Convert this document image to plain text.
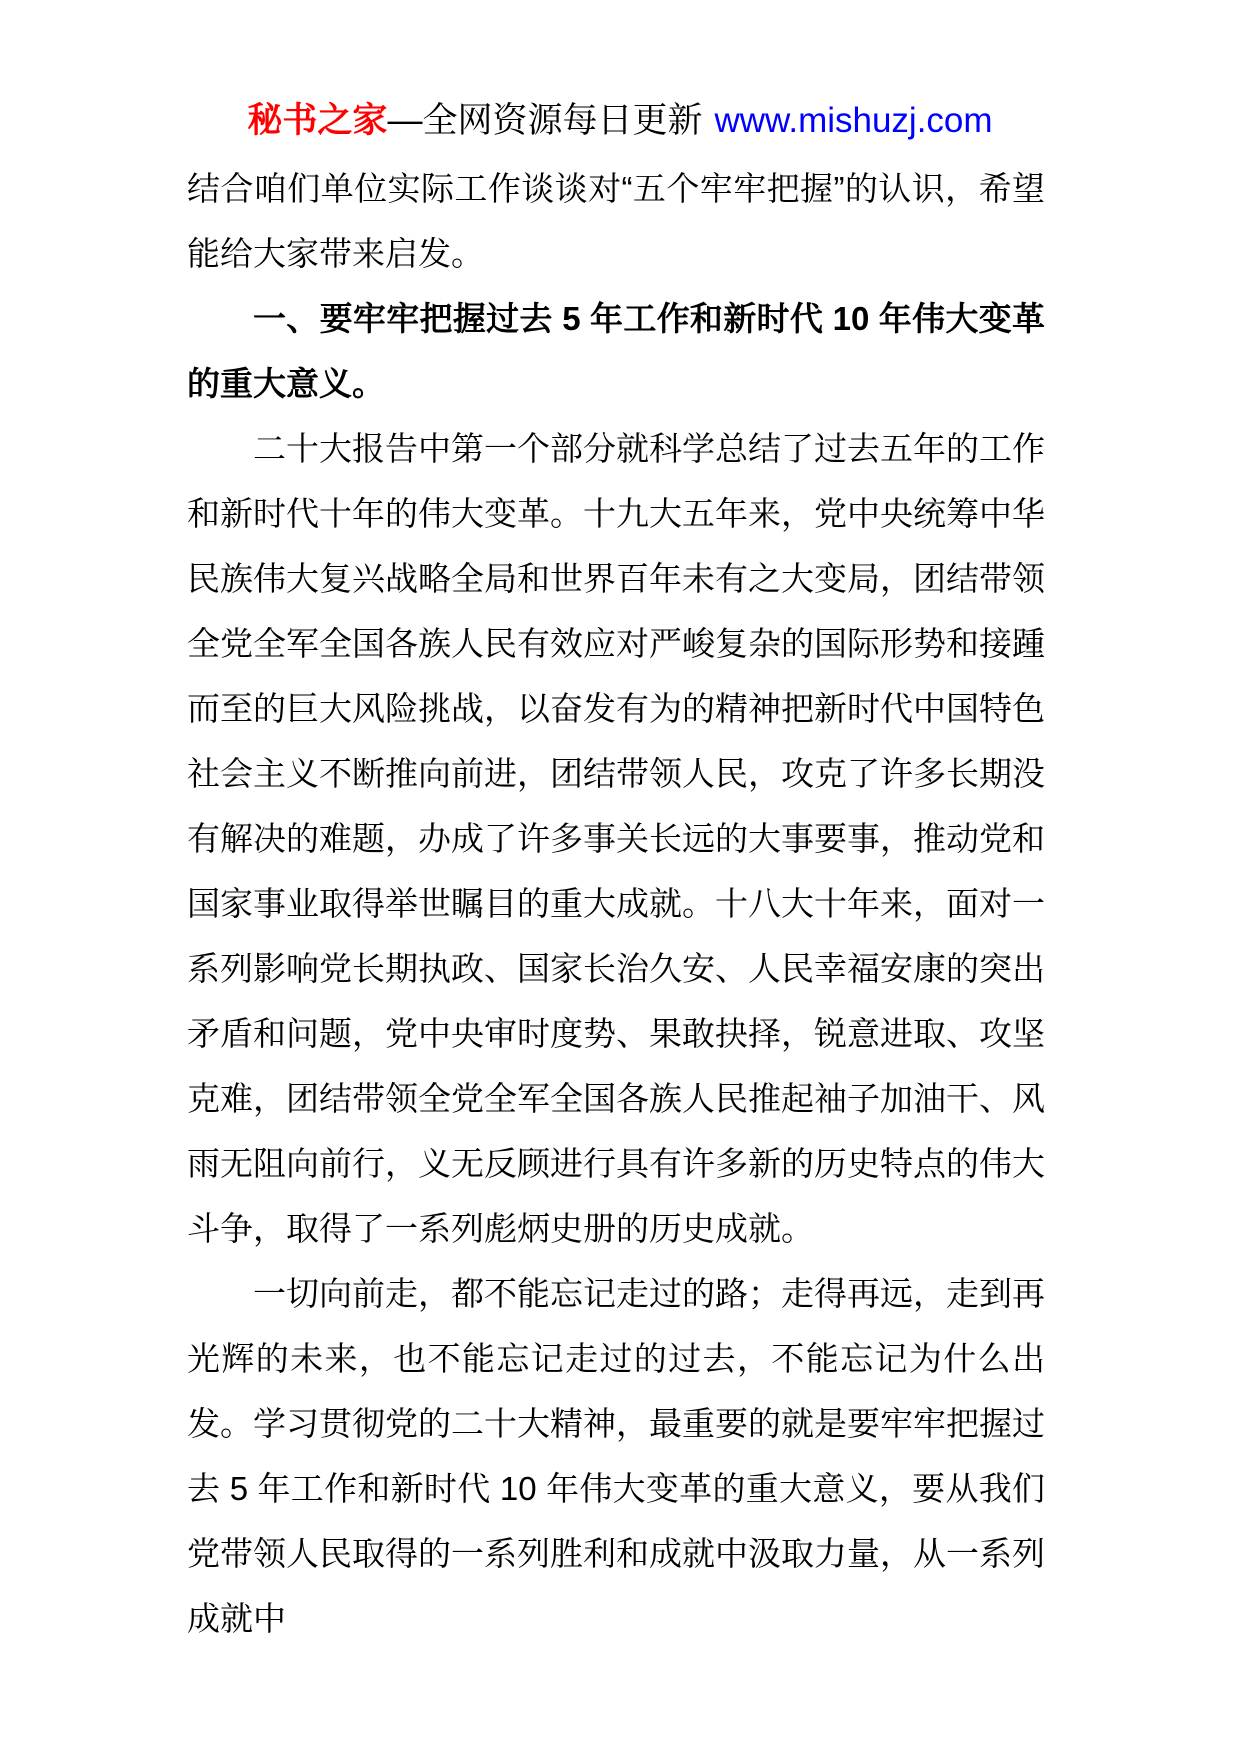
秘书之家—全网资源每日更新 www.mishuzj.com

结合咱们单位实际工作谈谈对“五个牢牢把握”的认识，希望能给大家带来启发。

一、要牢牢把握过去 5 年工作和新时代 10 年伟大变革的重大意义。

二十大报告中第一个部分就科学总结了过去五年的工作和新时代十年的伟大变革。十九大五年来，党中央统筹中华民族伟大复兴战略全局和世界百年未有之大变局，团结带领全党全军全国各族人民有效应对严峻复杂的国际形势和接踵而至的巨大风险挑战，以奋发有为的精神把新时代中国特色社会主义不断推向前进，团结带领人民，攻克了许多长期没有解决的难题，办成了许多事关长远的大事要事，推动党和国家事业取得举世瞩目的重大成就。十八大十年来，面对一系列影响党长期执政、国家长治久安、人民幸福安康的突出矛盾和问题，党中央审时度势、果敢抉择，锐意进取、攻坚克难，团结带领全党全军全国各族人民推起袖子加油干、风雨无阻向前行，义无反顾进行具有许多新的历史特点的伟大斗争，取得了一系列彪炳史册的历史成就。

一切向前走，都不能忘记走过的路；走得再远，走到再光辉的未来，也不能忘记走过的过去，不能忘记为什么出发。学习贯彻党的二十大精神，最重要的就是要牢牢把握过去 5 年工作和新时代 10 年伟大变革的重大意义，要从我们党带领人民取得的一系列胜利和成就中汲取力量，从一系列成就中
